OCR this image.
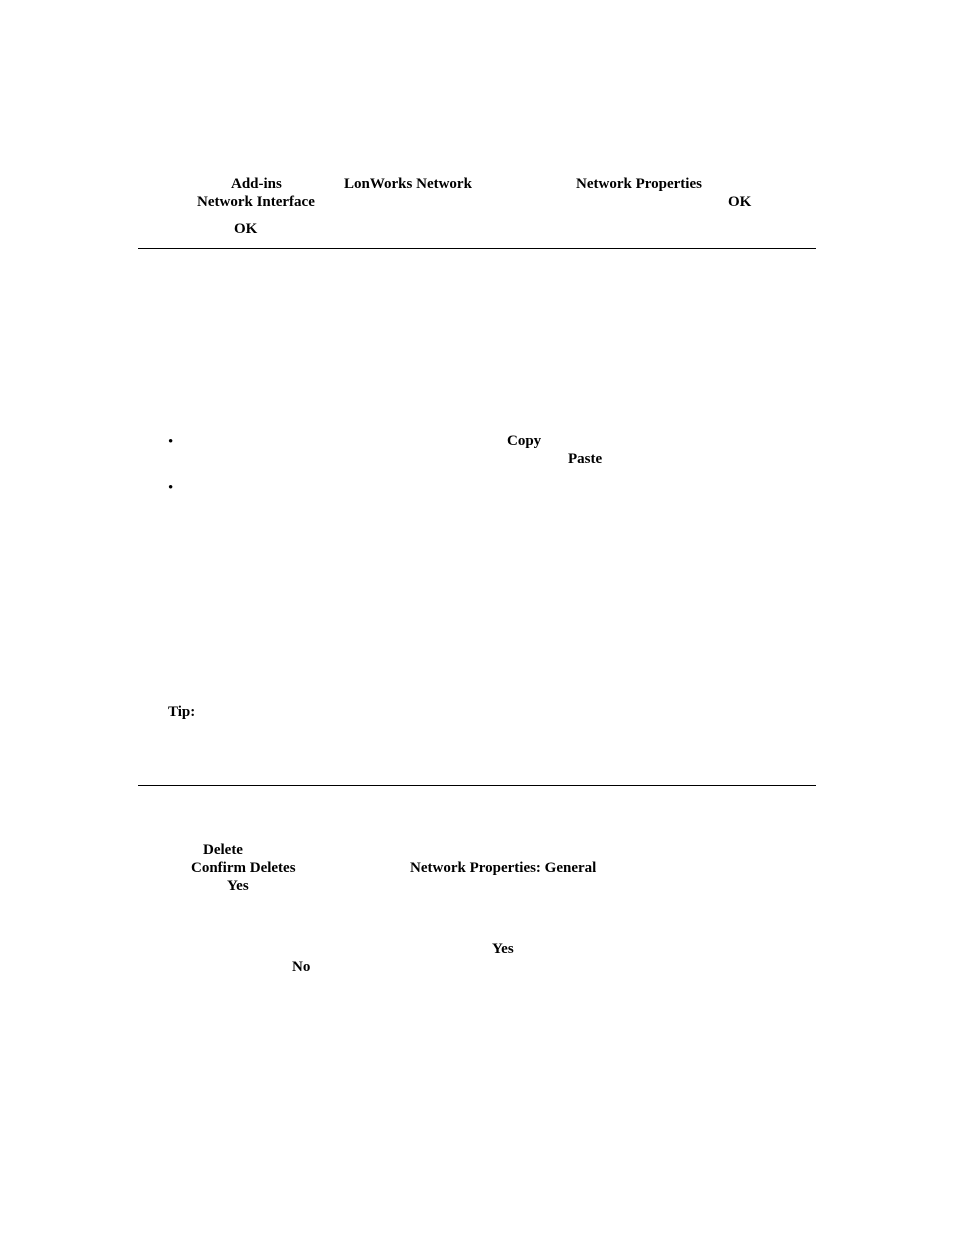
Add-ins	LonWorks Network	Network Properties
Network Interface	OK
OK
•	Copy
Paste
•
Tip:
Delete
Confirm Deletes	Network Properties: General
Yes
Yes
No
